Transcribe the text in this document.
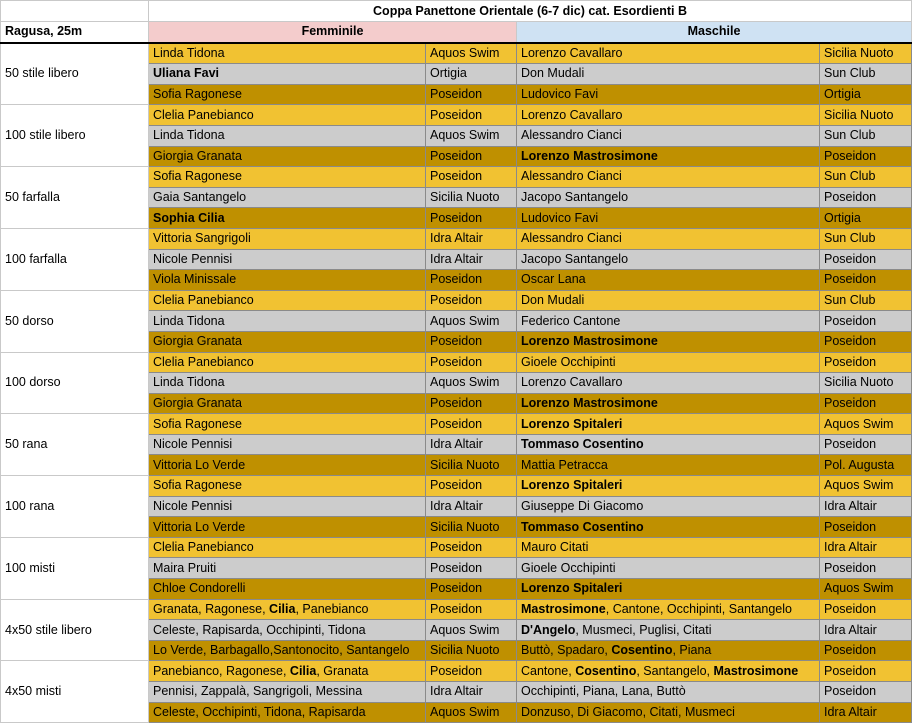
	Coppa Panettone Orientale (6-7 dic) cat. Esordienti B			
Ragusa, 25m	Femminile		Maschile	
50 stile libero	Linda Tidona	Aquos Swim	Lorenzo Cavallaro	Sicilia Nuoto
	Uliana Favi	Ortigia	Don Mudali	Sun Club
	Sofia Ragonese	Poseidon	Ludovico Favi	Ortigia
100 stile libero	Clelia Panebianco	Poseidon	Lorenzo Cavallaro	Sicilia Nuoto
	Linda Tidona	Aquos Swim	Alessandro Cianci	Sun Club
	Giorgia Granata	Poseidon	Lorenzo Mastrosimone	Poseidon
50 farfalla	Sofia Ragonese	Poseidon	Alessandro Cianci	Sun Club
	Gaia Santangelo	Sicilia Nuoto	Jacopo Santangelo	Poseidon
	Sophia Cilia	Poseidon	Ludovico Favi	Ortigia
100 farfalla	Vittoria Sangrigoli	Idra Altair	Alessandro Cianci	Sun Club
	Nicole Pennisi	Idra Altair	Jacopo Santangelo	Poseidon
	Viola Minissale	Poseidon	Oscar Lana	Poseidon
50 dorso	Clelia Panebianco	Poseidon	Don Mudali	Sun Club
	Linda Tidona	Aquos Swim	Federico Cantone	Poseidon
	Giorgia Granata	Poseidon	Lorenzo Mastrosimone	Poseidon
100 dorso	Clelia Panebianco	Poseidon	Gioele Occhipinti	Poseidon
	Linda Tidona	Aquos Swim	Lorenzo Cavallaro	Sicilia Nuoto
	Giorgia Granata	Poseidon	Lorenzo Mastrosimone	Poseidon
50 rana	Sofia Ragonese	Poseidon	Lorenzo Spitaleri	Aquos Swim
	Nicole Pennisi	Idra Altair	Tommaso Cosentino	Poseidon
	Vittoria Lo Verde	Sicilia Nuoto	Mattia Petracca	Pol. Augusta
100 rana	Sofia Ragonese	Poseidon	Lorenzo Spitaleri	Aquos Swim
	Nicole Pennisi	Idra Altair	Giuseppe Di Giacomo	Idra Altair
	Vittoria Lo Verde	Sicilia Nuoto	Tommaso Cosentino	Poseidon
100 misti	Clelia Panebianco	Poseidon	Mauro Citati	Idra Altair
	Maira Pruiti	Poseidon	Gioele Occhipinti	Poseidon
	Chloe Condorelli	Poseidon	Lorenzo Spitaleri	Aquos Swim
4x50 stile libero	Granata, Ragonese, Cilia, Panebianco	Poseidon	Mastrosimone, Cantone, Occhipinti, Santangelo	Poseidon
	Celeste, Rapisarda, Occhipinti, Tidona	Aquos Swim	D'Angelo, Musmeci, Puglisi, Citati	Idra Altair
	Lo Verde, Barbagallo,Santonocito, Santangelo	Sicilia Nuoto	Buttò, Spadaro, Cosentino, Piana	Poseidon
4x50 misti	Panebianco, Ragonese, Cilia, Granata	Poseidon	Cantone, Cosentino, Santangelo, Mastrosimone	Poseidon
	Pennisi, Zappalà, Sangrigoli, Messina	Idra Altair	Occhipinti, Piana, Lana, Buttò	Poseidon
	Celeste, Occhipinti, Tidona, Rapisarda	Aquos Swim	Donzuso, Di Giacomo, Citati, Musmeci	Idra Altair
